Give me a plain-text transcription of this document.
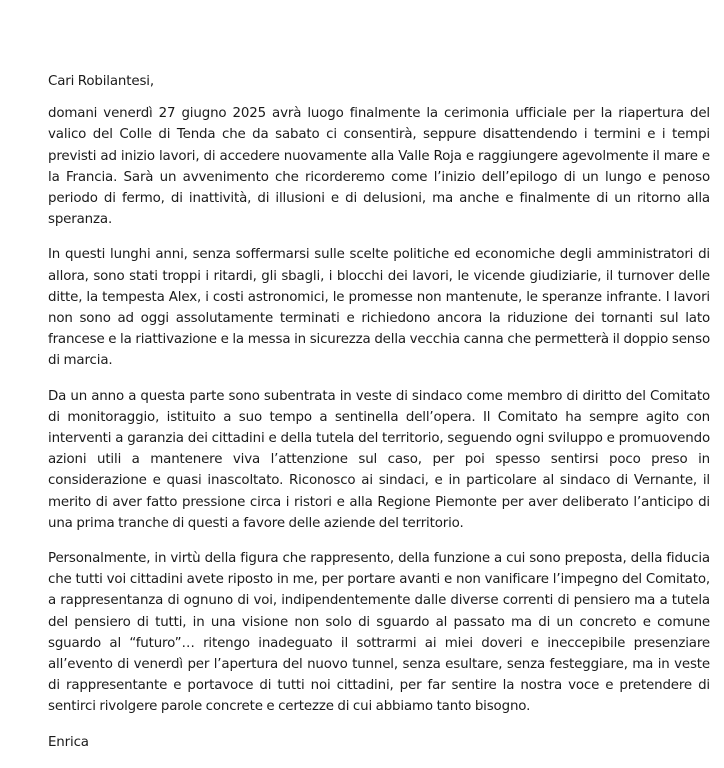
Cari Robilantesi,

domani venerdì 27 giugno 2025 avrà luogo finalmente la cerimonia ufficiale per la riapertura del valico del Colle di Tenda che da sabato ci consentirà, seppure disattendendo i termini e i tempi previsti ad inizio lavori, di accedere nuovamente alla Valle Roja e raggiungere agevolmente il mare e la Francia. Sarà un avvenimento che ricorderemo come l’inizio dell’epilogo di un lungo e penoso periodo di fermo, di inattività, di illusioni e di delusioni, ma anche e finalmente di un ritorno alla speranza.

In questi lunghi anni, senza soffermarsi sulle scelte politiche ed economiche degli amministratori di allora, sono stati troppi i ritardi, gli sbagli, i blocchi dei lavori, le vicende giudiziarie, il turnover delle ditte, la tempesta Alex, i costi astronomici, le promesse non mantenute, le speranze infrante. I lavori non sono ad oggi assolutamente terminati e richiedono ancora la riduzione dei tornanti sul lato francese e la riattivazione e la messa in sicurezza della vecchia canna che permetterà il doppio senso di marcia.

Da un anno a questa parte sono subentrata in veste di sindaco come membro di diritto del Comitato di monitoraggio, istituito a suo tempo a sentinella dell’opera. Il Comitato ha sempre agito con interventi a garanzia dei cittadini e della tutela del territorio, seguendo ogni sviluppo e promuovendo azioni utili a mantenere viva l’attenzione sul caso, per poi spesso sentirsi poco preso in considerazione e quasi inascoltato. Riconosco ai sindaci, e in particolare al sindaco di Vernante, il merito di aver fatto pressione circa i ristori e alla Regione Piemonte per aver deliberato l’anticipo di una prima tranche di questi a favore delle aziende del territorio.

Personalmente, in virtù della figura che rappresento, della funzione a cui sono preposta, della fiducia che tutti voi cittadini avete riposto in me, per portare avanti e non vanificare l’impegno del Comitato, a rappresentanza di ognuno di voi, indipendentemente dalle diverse correnti di pensiero ma a tutela del pensiero di tutti, in una visione non solo di sguardo al passato ma di un concreto e comune sguardo al “futuro”… ritengo inadeguato il sottrarmi ai miei doveri e ineccepibile presenziare all’evento di venerdì per l’apertura del nuovo tunnel, senza esultare, senza festeggiare, ma in veste di rappresentante e portavoce di tutti noi cittadini, per far sentire la nostra voce e pretendere di sentirci rivolgere parole concrete e certezze di cui abbiamo tanto bisogno.

Enrica
